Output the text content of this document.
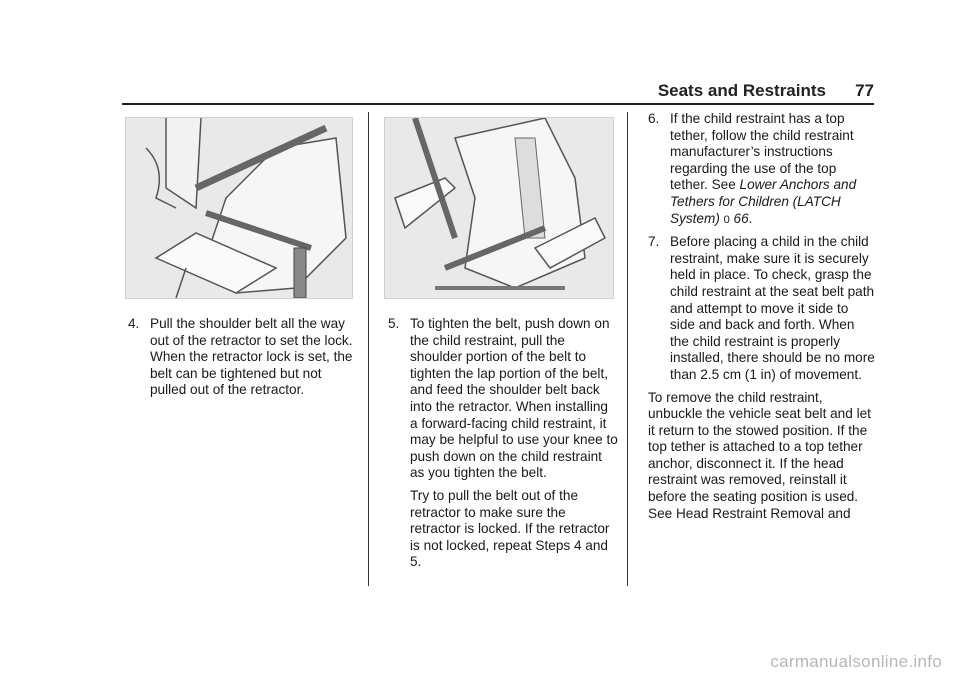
Seats and Restraints 77
4. Pull the shoulder belt all the way out of the retractor to set the lock. When the retractor lock is set, the belt can be tightened but not pulled out of the retractor.
5. To tighten the belt, push down on the child restraint, pull the shoulder portion of the belt to tighten the lap portion of the belt, and feed the shoulder belt back into the retractor. When installing a forward-facing child restraint, it may be helpful to use your knee to push down on the child restraint as you tighten the belt.

Try to pull the belt out of the retractor to make sure the retractor is locked. If the retractor is not locked, repeat Steps 4 and 5.

6. If the child restraint has a top tether, follow the child restraint manufacturer’s instructions regarding the use of the top tether. See Lower Anchors and Tethers for Children (LATCH System) 0 66.
7. Before placing a child in the child restraint, make sure it is securely held in place. To check, grasp the child restraint at the seat belt path and attempt to move it side to side and back and forth. When the child restraint is properly installed, there should be no more than 2.5 cm (1 in) of movement.

To remove the child restraint, unbuckle the vehicle seat belt and let it return to the stowed position. If the top tether is attached to a top tether anchor, disconnect it. If the head restraint was removed, reinstall it before the seating position is used. See Head Restraint Removal and

carmanualsonline.info
